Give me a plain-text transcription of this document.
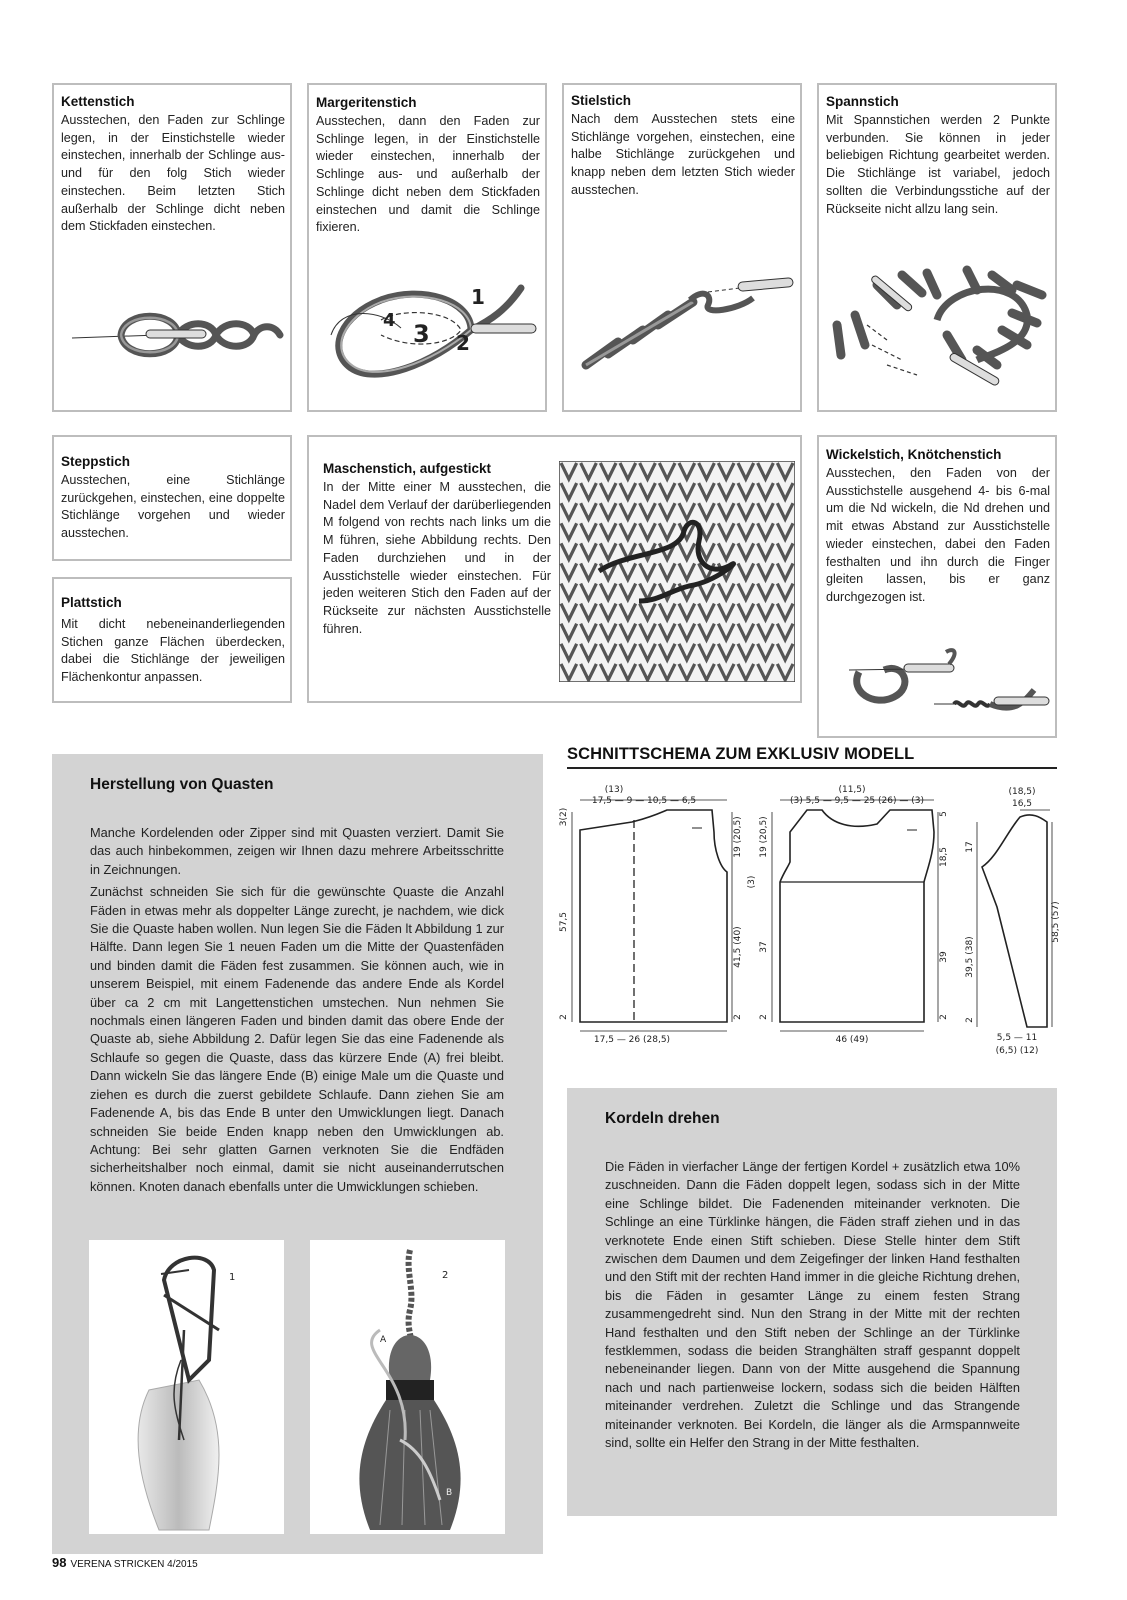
Kettenstich

Ausstechen, den Faden zur Schlinge legen, in der Einstichstelle wieder einstechen, innerhalb der Schlinge aus- und für den folg Stich wieder einstechen. Beim letzten Stich außerhalb der Schlinge dicht neben dem Stickfaden einstechen.

Margeritenstich

Ausstechen, dann den Faden zur Schlinge legen, in der Einstichstelle wieder einstechen, innerhalb der Schlinge aus- und außerhalb der Schlinge dicht neben dem Stickfaden einstechen und damit die Schlinge fixieren.

1
2
3
4
Stielstich

Nach dem Ausstechen stets eine Stichlänge vorgehen, einstechen, eine halbe Stichlänge zurückgehen und knapp neben dem letzten Stich wieder ausstechen.

Spannstich

Mit Spannstichen werden 2 Punkte verbunden. Sie können in jeder beliebigen Richtung gearbeitet werden. Die Stichlänge ist variabel, jedoch sollten die Verbindungsstiche auf der Rückseite nicht allzu lang sein.

Steppstich

Ausstechen, eine Stichlänge zurückgehen, einstechen, eine doppelte Stichlänge vorgehen und wieder ausstechen.

Plattstich

Mit dicht nebeneinanderliegenden Stichen ganze Flächen überdecken, dabei die Stichlänge der jeweiligen Flächenkontur anpassen.

Maschenstich, aufgestickt

In der Mitte einer M ausstechen, die Nadel dem Verlauf der darüberliegenden M folgend von rechts nach links um die M führen, siehe Abbildung rechts. Den Faden durchziehen und in der Ausstichstelle wieder einstechen. Für jeden weiteren Stich den Faden auf der Rückseite zur nächsten Ausstichstelle führen.

Wickelstich, Knötchenstich

Ausstechen, den Faden von der Ausstichstelle ausgehend 4- bis 6-mal um die Nd wickeln, die Nd drehen und mit etwas Abstand zur Ausstichstelle wieder einstechen, dabei den Faden festhalten und ihn durch die Finger gleiten lassen, bis er ganz durchgezogen ist.

Herstellung von Quasten

Manche Kordelenden oder Zipper sind mit Quasten verziert. Damit Sie das auch hinbekommen, zeigen wir Ihnen dazu mehrere Arbeitsschritte in Zeichnungen.

Zunächst schneiden Sie sich für die gewünschte Quaste die Anzahl Fäden in etwas mehr als doppelter Länge zurecht, je nachdem, wie dick Sie die Quaste haben wollen. Nun legen Sie die Fäden lt Abbildung 1 zur Hälfte. Dann legen Sie 1 neuen Faden um die Mitte der Quastenfäden und binden damit die Fäden fest zusammen. Sie können auch, wie in unserem Beispiel, mit einem Fadenende das andere Ende als Kordel über ca 2 cm mit Langettenstichen umstechen. Nun nehmen Sie nochmals einen längeren Faden und binden damit das obere Ende der Quaste ab, siehe Abbildung 2. Dafür legen Sie das eine Fadenende als Schlaufe so gegen die Quaste, dass das kürzere Ende (A) frei bleibt. Dann wickeln Sie das längere Ende (B) einige Male um die Quaste und ziehen es durch die zuerst gebildete Schlaufe. Dann ziehen Sie am Fadenende A, bis das Ende B unter den Umwicklungen liegt. Danach schneiden Sie beide Enden knapp neben den Umwicklungen ab. Achtung: Bei sehr glatten Garnen verknoten Sie die Endfäden sicherheitshalber noch einmal, damit sie nicht auseinanderrutschen können. Knoten danach ebenfalls unter die Umwicklungen schieben.

1	2
A
B
SCHNITTSCHEMA ZUM EXKLUSIV MODELL
(13)
17,5 — 9 — 10,5 — 6,5
17,5 — 26 (28,5)
3(2)
57,5
2
19 (20,5)
41,5 (40)
2
(11,5)
(3) 5,5 — 9,5 — 25 (26) — (3)
46 (49)
19 (20,5)
37
2
(3)
5
18,5
39
2
(18,5)
16,5
17
39,5 (38)
2
58,5 (57)
5,5 — 11
(6,5) (12)
Kordeln drehen

Die Fäden in vierfacher Länge der fertigen Kordel + zusätzlich etwa 10% zuschneiden. Dann die Fäden doppelt legen, sodass sich in der Mitte eine Schlinge bildet. Die Fadenenden miteinander verknoten. Die Schlinge an eine Türklinke hängen, die Fäden straff ziehen und in das verknotete Ende einen Stift schieben. Diese Stelle hinter dem Stift zwischen dem Daumen und dem Zeigefinger der linken Hand festhalten und den Stift mit der rechten Hand immer in die gleiche Richtung drehen, bis die Fäden in gesamter Länge zu einem festen Strang zusammengedreht sind. Nun den Strang in der Mitte mit der rechten Hand festhalten und den Stift neben der Schlinge an der Türklinke festklemmen, sodass die beiden Stranghälten straff gespannt doppelt nebeneinander liegen. Dann von der Mitte ausgehend die Spannung nach und nach partienweise lockern, sodass sich die beiden Hälften miteinander verdrehen. Zuletzt die Schlinge und das Strangende miteinander verknoten. Bei Kordeln, die länger als die Armspannweite sind, sollte ein Helfer den Strang in der Mitte festhalten.

98 VERENA STRICKEN 4/2015
